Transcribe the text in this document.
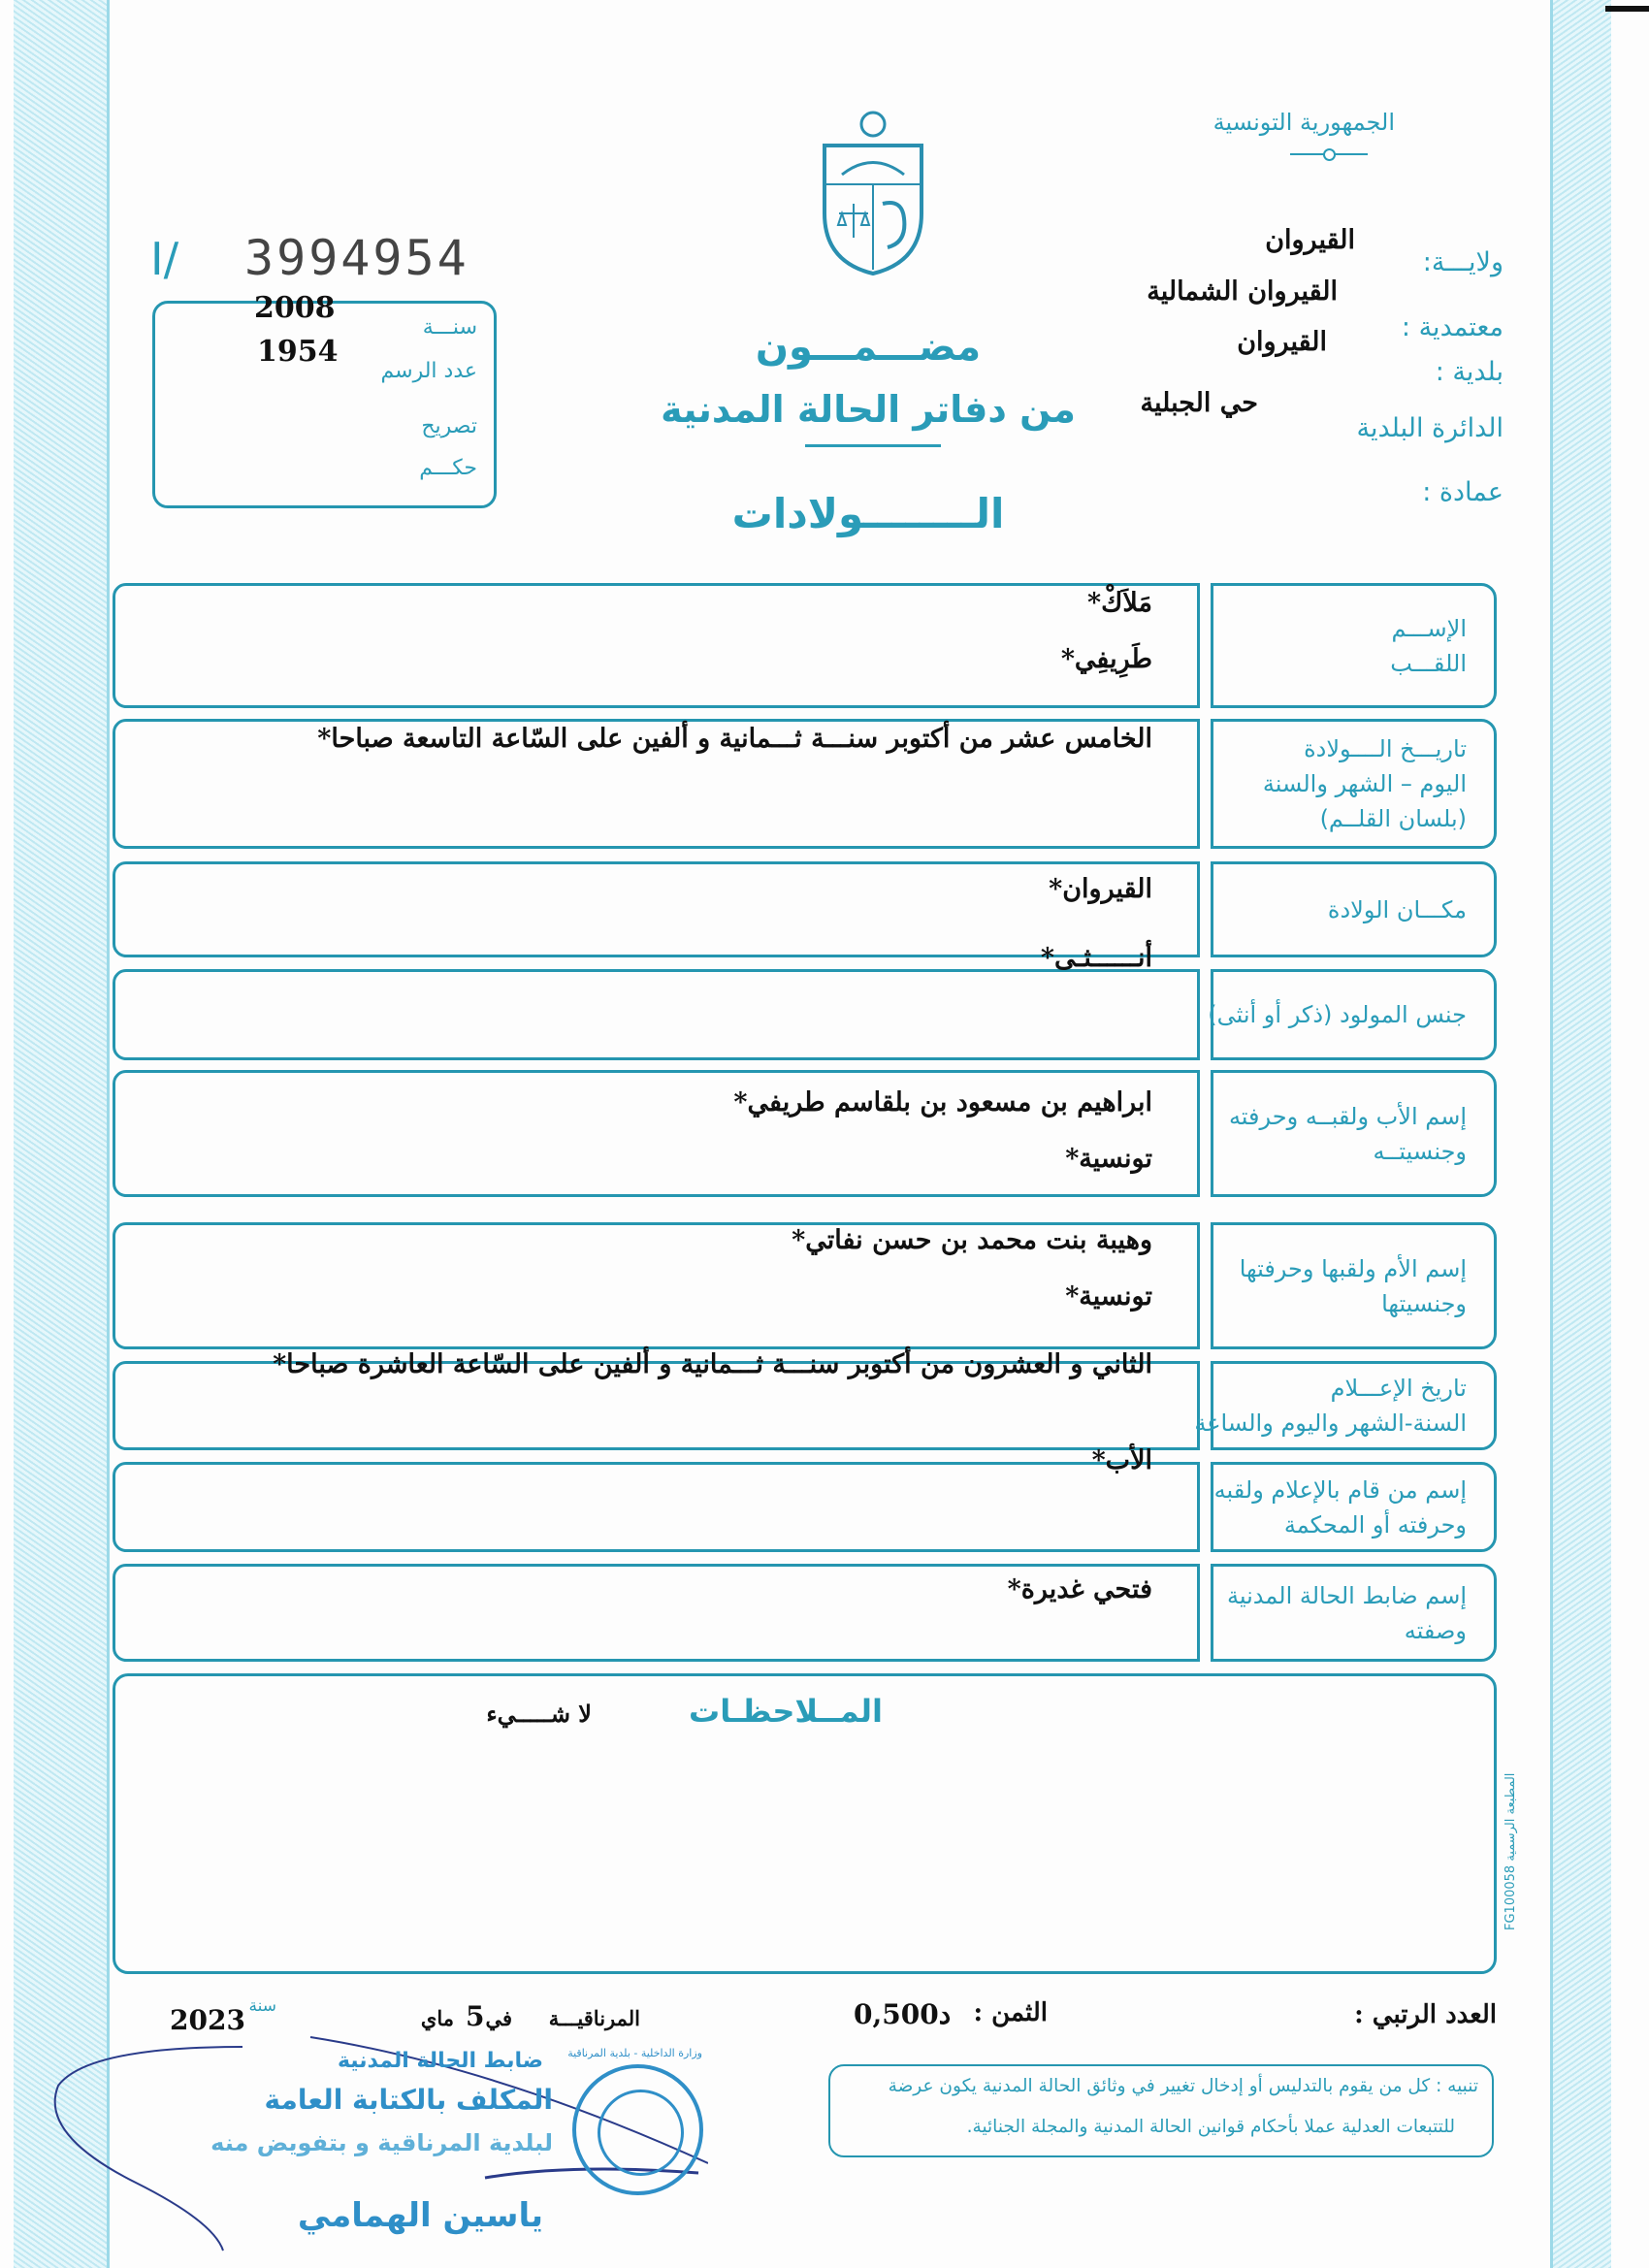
الجمهورية التونسية
I/ 3994954
2008
1954
سنـــة
عدد الرسم
تصريح
حكـــم
ولايـــة:
القيروان
معتمدية :
القيروان الشمالية
بلدية :
القيروان
الدائرة البلدية
حي الجبلية
عمادة :
مضـــمـــون
من دفاتر الحالة المدنية
الــــــــولادات
الإســـم
اللقـــب
مَلاَكْ*
طَرِيفِي*
تاريـــخ الــــولادة
اليوم – الشهر والسنة
(بلسان القلــم)
الخامس عشر من أكتوبر سنـــة ثـــمانية و ألفين على السّاعة التاسعة صباحا*
مكـــان الولادة
القيروان*
جنس المولود (ذكر أو أنثى)
أنــــــثـى*
إسم الأب ولقبــه وحرفته
وجنسيتــه
ابراهيم بن مسعود بن بلقاسم طريفي*
تونسية*
إسم الأم ولقبها وحرفتها
وجنسيتها
وهيبة بنت محمد بن حسن نفاتي*
تونسية*
تاريخ الإعـــلام
السنة-الشهر واليوم والساعة
الثاني و العشرون من أكتوبر سنـــة ثـــمانية و ألفين على السّاعة العاشرة صباحا*
إسم من قام بالإعلام ولقبه
وحرفته أو المحكمة
الأب*
إسم ضابط الحالة المدنية
وصفته
فتحي غديرة*
المــلاحظـات
لا شـــــيء
المطبعة الرسمية FG100058
العدد الرتبي :
الثمن :
0,500د
المرناقيـــة
في
5
ماي
سنة
2023
تنبيه : كل من يقوم بالتدليس أو إدخال تغيير في وثائق الحالة المدنية يكون عرضة
للتتبعات العدلية عملا بأحكام قوانين الحالة المدنية والمجلة الجنائية.
وزارة الداخلية - بلدية المرناقية
ضابط الحالة المدنية
المكلف بالكتابة العامة
لبلدية المرناقية و بتفويض منه
ياسين الهمامي
